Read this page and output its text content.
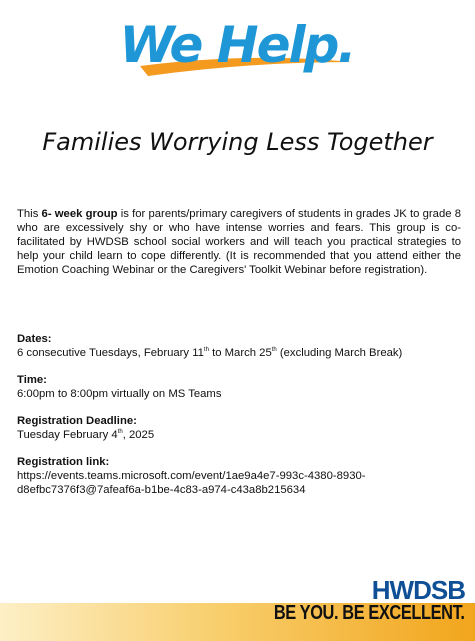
We Help.
Families Worrying Less Together
This 6- week group is for parents/primary caregivers of students in grades JK to grade 8 who are excessively shy or who have intense worries and fears. This group is co-facilitated by HWDSB school social workers and will teach you practical strategies to help your child learn to cope differently. (It is recommended that you attend either the Emotion Coaching Webinar or the Caregivers' Toolkit Webinar before registration).
Dates:
6 consecutive Tuesdays, February 11th to March 25th (excluding March Break)
Time:
6:00pm to 8:00pm virtually on MS Teams
Registration Deadline:
Tuesday February 4th, 2025
Registration link:
https://events.teams.microsoft.com/event/1ae9a4e7-993c-4380-8930-
d8efbc7376f3@7afeaf6a-b1be-4c83-a974-c43a8b215634
HWDSB
BE YOU. BE EXCELLENT.
